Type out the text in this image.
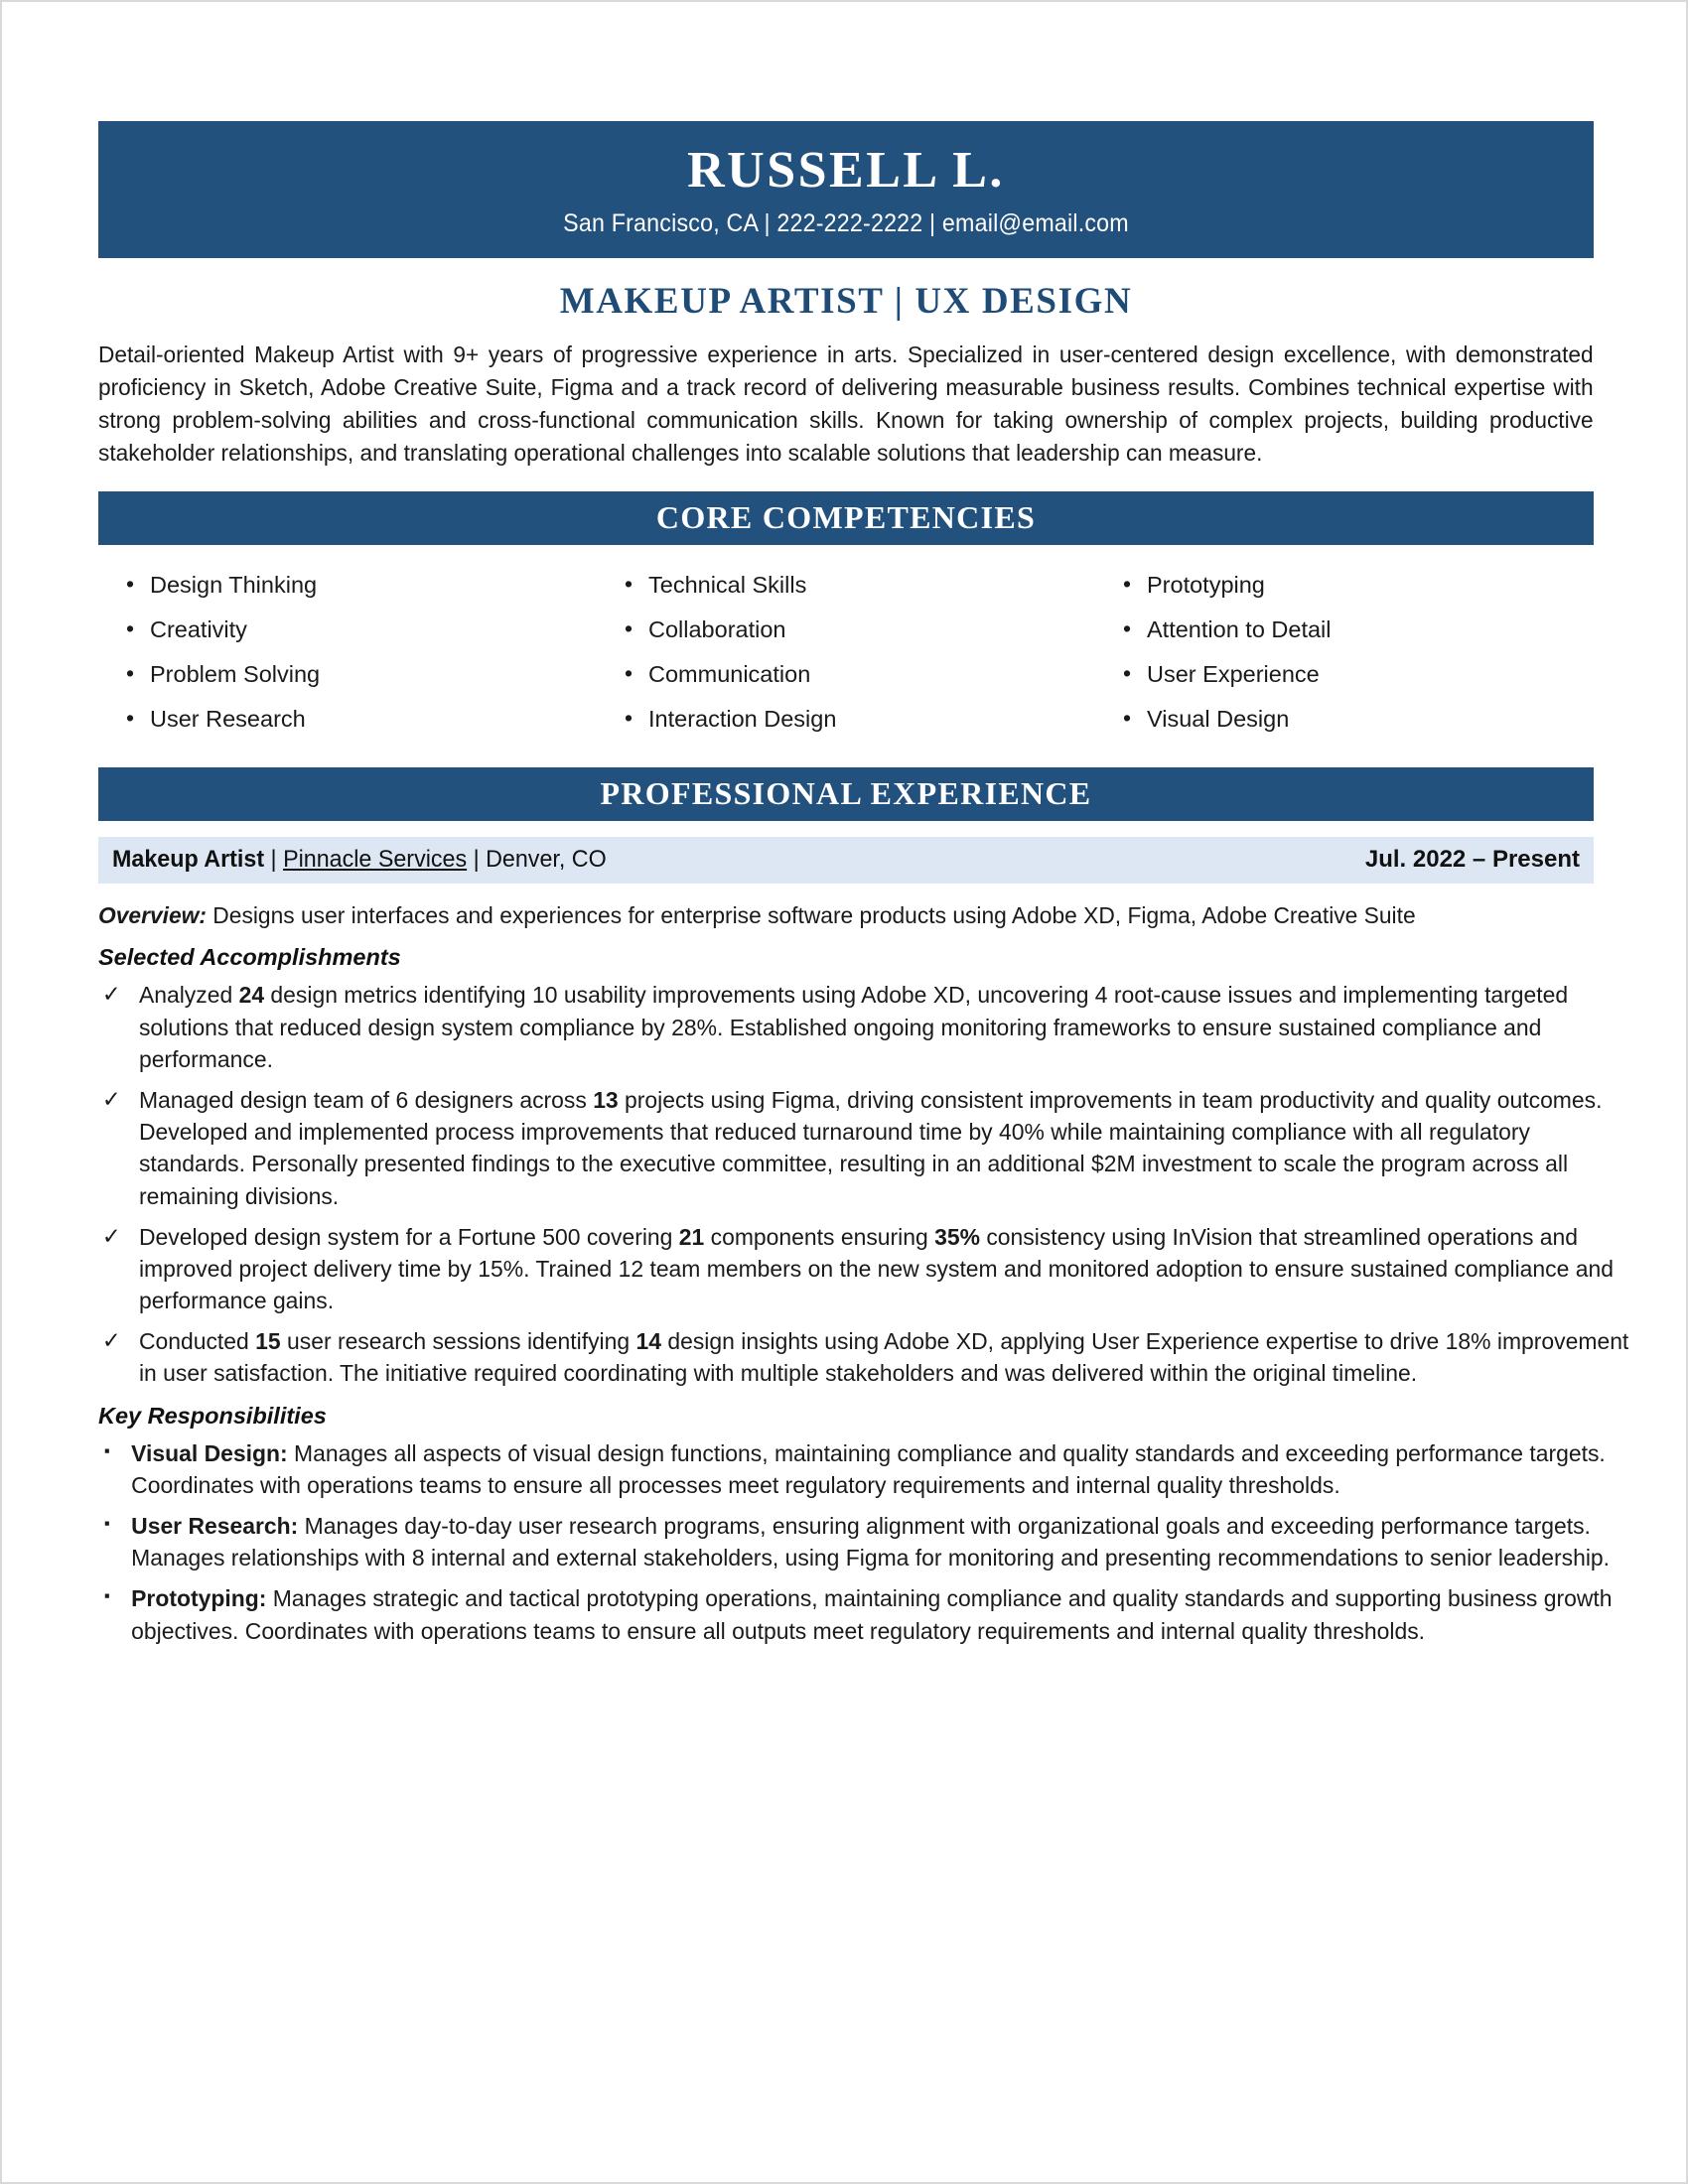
RUSSELL L.
San Francisco, CA | 222-222-2222 | email@email.com
MAKEUP ARTIST | UX DESIGN
Detail-oriented Makeup Artist with 9+ years of progressive experience in arts. Specialized in user-centered design excellence, with demonstrated proficiency in Sketch, Adobe Creative Suite, Figma and a track record of delivering measurable business results. Combines technical expertise with strong problem-solving abilities and cross-functional communication skills. Known for taking ownership of complex projects, building productive stakeholder relationships, and translating operational challenges into scalable solutions that leadership can measure.
CORE COMPETENCIES
• Design Thinking
• Creativity
• Problem Solving
• User Research
• Technical Skills
• Collaboration
• Communication
• Interaction Design
• Prototyping
• Attention to Detail
• User Experience
• Visual Design
PROFESSIONAL EXPERIENCE
Makeup Artist | Pinnacle Services | Denver, CO	Jul. 2022 – Present
Overview: Designs user interfaces and experiences for enterprise software products using Adobe XD, Figma, Adobe Creative Suite
Selected Accomplishments
✓ Analyzed 24 design metrics identifying 10 usability improvements using Adobe XD, uncovering 4 root-cause issues and implementing targeted solutions that reduced design system compliance by 28%. Established ongoing monitoring frameworks to ensure sustained compliance and performance.
✓ Managed design team of 6 designers across 13 projects using Figma, driving consistent improvements in team productivity and quality outcomes. Developed and implemented process improvements that reduced turnaround time by 40% while maintaining compliance with all regulatory standards. Personally presented findings to the executive committee, resulting in an additional $2M investment to scale the program across all remaining divisions.
✓ Developed design system for a Fortune 500 covering 21 components ensuring 35% consistency using InVision that streamlined operations and improved project delivery time by 15%. Trained 12 team members on the new system and monitored adoption to ensure sustained compliance and performance gains.
✓ Conducted 15 user research sessions identifying 14 design insights using Adobe XD, applying User Experience expertise to drive 18% improvement in user satisfaction. The initiative required coordinating with multiple stakeholders and was delivered within the original timeline.
Key Responsibilities
▪ Visual Design: Manages all aspects of visual design functions, maintaining compliance and quality standards and exceeding performance targets. Coordinates with operations teams to ensure all processes meet regulatory requirements and internal quality thresholds.
▪ User Research: Manages day-to-day user research programs, ensuring alignment with organizational goals and exceeding performance targets. Manages relationships with 8 internal and external stakeholders, using Figma for monitoring and presenting recommendations to senior leadership.
▪ Prototyping: Manages strategic and tactical prototyping operations, maintaining compliance and quality standards and supporting business growth objectives. Coordinates with operations teams to ensure all outputs meet regulatory requirements and internal quality thresholds.
